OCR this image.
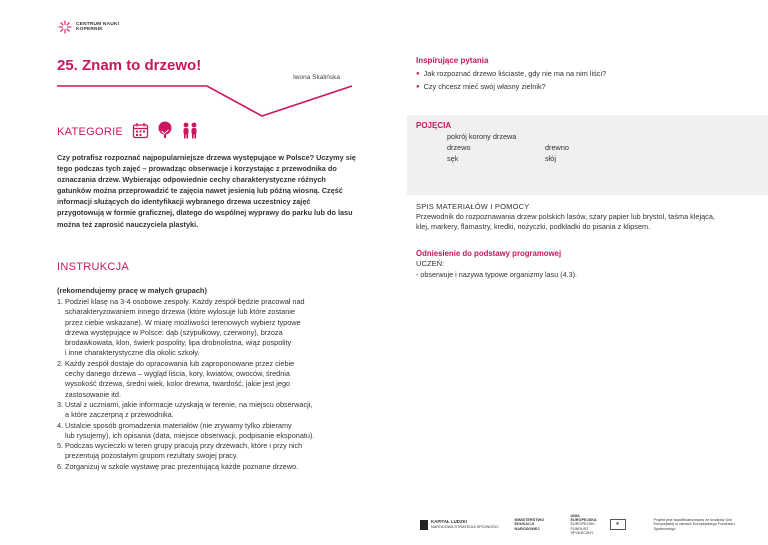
CENTRUM NAUKI
KOPERNIK
25. Znam to drzewo!
Iwona Skalińska
KATEGORIE
Czy potrafisz rozpoznać najpopularniejsze drzewa występujące w Polsce? Uczymy się tego podczas tych zajęć – prowadząc obserwacje i korzystając z przewodnika do oznaczania drzew. Wybierając odpowiednie cechy charakterystyczne różnych gatunków można przeprowadzić te zajęcia nawet jesienią lub późną wiosną. Część informacji służących do identyfikacji wybranego drzewa uczestnicy zajęć przygotowują w formie graficznej, dlatego do wspólnej wyprawy do parku lub do lasu można też zaprosić nauczyciela plastyki.
INSTRUKCJA
(rekomendujemy pracę w małych grupach)
1. Podziel klasę na 3-4 osobowe zespoły. Każdy zespół będzie pracował nad
scharakteryzowaniem innego drzewa (które wylosuje lub które zostanie
przez ciebie wskazane). W miarę możliwości terenowych wybierz typowe
drzewa występujące w Polsce: dąb (szypułkowy, czerwony), brzoza
brodawkowata, klon, świerk pospolity, lipa drobnolistna, wiąz pospolity
i inne charakterystyczne dla okolic szkoły.
2. Każdy zespół dostaje do opracowania lub zaproponowane przez ciebie
cechy danego drzewa – wygląd liścia, kory, kwiatów, owoców, średnia
wysokość drzewa, średni wiek, kolor drewna, twardość, jakie jest jego
zastosowanie itd.
3. Ustal z uczniami, jakie informacje uzyskają w terenie, na miejscu obserwacji,
a które zaczerpną z przewodnika.
4. Ustalcie sposób gromadzenia materiałów (nie zrywamy tylko zbieramy
lub rysujemy), ich opisania (data, miejsce obserwacji, podpisanie eksponatu).
5. Podczas wycieczki w teren grupy pracują przy drzewach, które i przy nich
prezentują pozostałym grupom rezultaty swojej pracy.
6. Zorganizuj w szkole wystawę prac prezentującą każde poznane drzewo.
Inspirujące pytania
● Jak rozpoznać drzewo liściaste, gdy nie ma na nim liści?
● Czy chcesz mieć swój własny zielnik?
POJĘCIA
pokrój korony drzewa
drzewo	drewno
sęk	słój
SPIS MATERIAŁÓW I POMOCY
Przewodnik do rozpoznawania drzew polskich lasów, szary papier lub brystol, taśma klejąca, klej, markery, flamastry, kredki, nożyczki, podkładki do pisania z klipsem.
Odniesienie do podstawy programowej
UCZEŃ:
- obserwuje i nazywa typowe organizmy lasu (4.3).
KAPITAŁ LUDZKI
NARODOWA STRATEGIA SPÓJNOŚCI
MINISTERSTWO EDUKACJI NARODOWEJ
UNIA EUROPEJSKA
EUROPEJSKI FUNDUSZ SPOŁECZNY
★
Projekt jest współfinansowany ze środków Unii Europejskiej w ramach Europejskiego Funduszu Społecznego
